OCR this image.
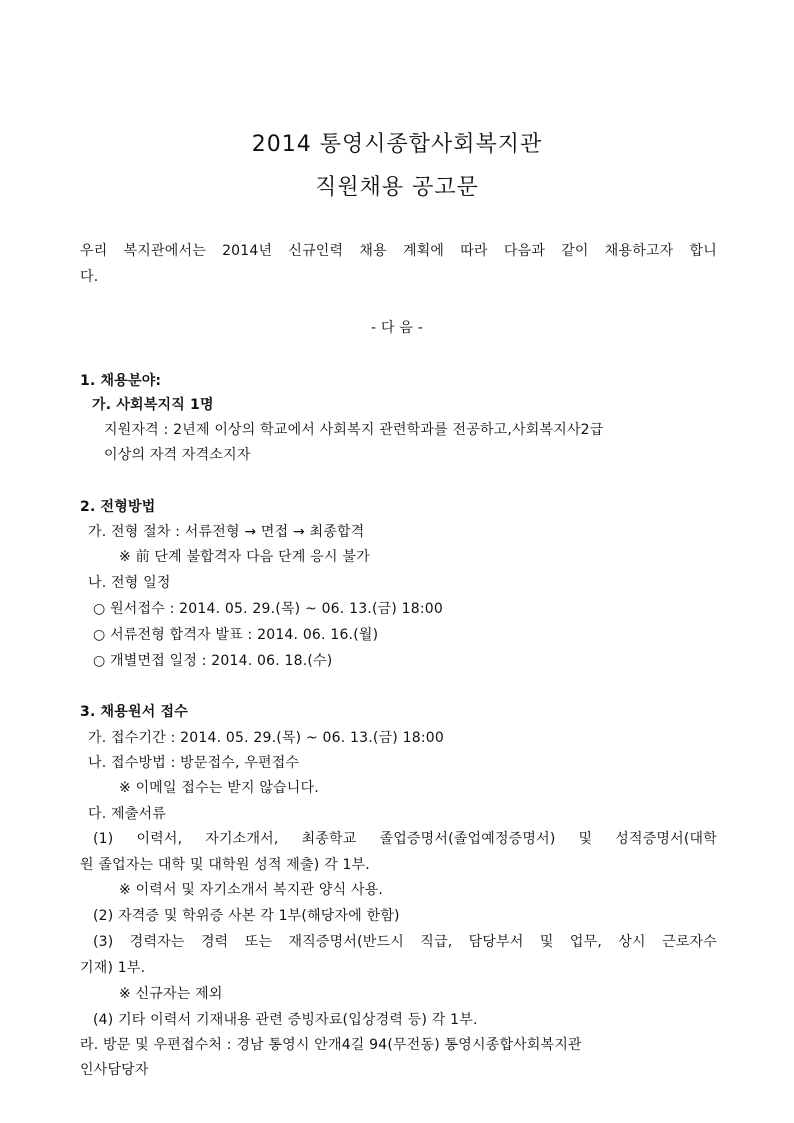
2014 통영시종합사회복지관
직원채용 공고문
우리 복지관에서는 2014년 신규인력 채용 계획에 따라 다음과 같이 채용하고자 합니
다.
- 다 음 -
1. 채용분야:
가. 사회복지직 1명
지원자격 : 2년제 이상의 학교에서 사회복지 관련학과를 전공하고,사회복지사2급
이상의 자격 자격소지자
2. 전형방법
가. 전형 절차 : 서류전형 → 면접 → 최종합격
※ 前 단계 불합격자 다음 단계 응시 불가
나. 전형 일정
○ 원서접수 : 2014. 05. 29.(목) ~ 06. 13.(금) 18:00
○ 서류전형 합격자 발표 : 2014. 06. 16.(월)
○ 개별면접 일정 : 2014. 06. 18.(수)
3. 채용원서 접수
가. 접수기간 : 2014. 05. 29.(목) ~ 06. 13.(금) 18:00
나. 접수방법 : 방문접수, 우편접수
※ 이메일 접수는 받지 않습니다.
다. 제출서류
(1) 이력서, 자기소개서, 최종학교 졸업증명서(졸업예정증명서) 및 성적증명서(대학
원 졸업자는 대학 및 대학원 성적 제출) 각 1부.
※ 이력서 및 자기소개서 복지관 양식 사용.
(2) 자격증 및 학위증 사본 각 1부(해당자에 한함)
(3) 경력자는 경력 또는 재직증명서(반드시 직급, 담당부서 및 업무, 상시 근로자수
기재) 1부.
※ 신규자는 제외
(4) 기타 이력서 기재내용 관련 증빙자료(입상경력 등) 각 1부.
라. 방문 및 우편접수처 : 경남 통영시 안개4길 94(무전동) 통영시종합사회복지관
인사담당자
